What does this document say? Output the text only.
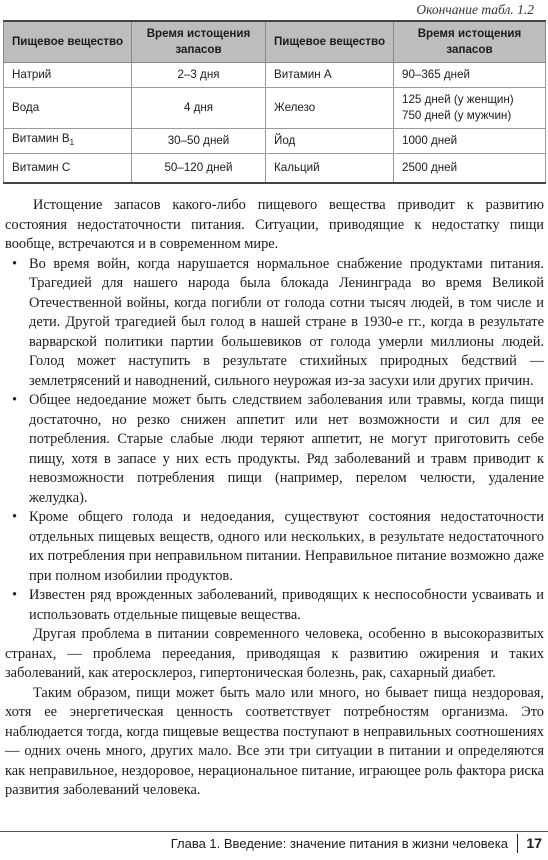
Окончание табл. 1.2
Пищевое вещество	Время истощения запасов	Пищевое вещество	Время истощения запасов
Натрий	2–3 дня	Витамин А	90–365 дней

Вода	4 дня	Железо	125 дней (у женщин)
750 дней (у мужчин)

Витамин $B_1$	30–50 дней	Йод	1000 дней

Витамин C	50–120 дней	Кальций	2500 дней

Истощение запасов какого-либо пищевого вещества приводит к развитию состояния недостаточности питания. Ситуации, приводящие к недостатку пищи вообще, встречаются и в современном мире.

• Во время войн, когда нарушается нормальное снабжение продуктами питания. Трагедией для нашего народа была блокада Ленинграда во время Великой Отечественной войны, когда погибли от голода сотни тысяч людей, в том числе и дети. Другой трагедией был голод в нашей стране в 1930-е гг., когда в результате варварской политики партии большевиков от голода умерли миллионы людей. Голод может наступить в результате стихийных природных бедствий — землетрясений и наводнений, сильного неурожая из-за засухи или других причин.
• Общее недоедание может быть следствием заболевания или травмы, когда пищи достаточно, но резко снижен аппетит или нет возможности и сил для ее потребления. Старые слабые люди теряют аппетит, не могут приготовить себе пищу, хотя в запасе у них есть продукты. Ряд заболеваний и травм приводит к невозможности потребления пищи (например, перелом челюсти, удаление желудка).
• Кроме общего голода и недоедания, существуют состояния недостаточности отдельных пищевых веществ, одного или нескольких, в результате недостаточного их потребления при неправильном питании. Неправильное питание возможно даже при полном изобилии продуктов.
• Известен ряд врожденных заболеваний, приводящих к неспособности усваивать и использовать отдельные пищевые вещества.

Другая проблема в питании современного человека, особенно в высокоразвитых странах, — проблема переедания, приводящая к развитию ожирения и таких заболеваний, как атеросклероз, гипертоническая болезнь, рак, сахарный диабет.

Таким образом, пищи может быть мало или много, но бывает пища нездоровая, хотя ее энергетическая ценность соответствует потребностям организма. Это наблюдается тогда, когда пищевые вещества поступают в неправильных соотношениях — одних очень много, других мало. Все эти три ситуации в питании и определяются как неправильное, нездоровое, нерациональное питание, играющее роль фактора риска развития заболеваний человека.

Глава 1. Введение: значение питания в жизни человека 17
